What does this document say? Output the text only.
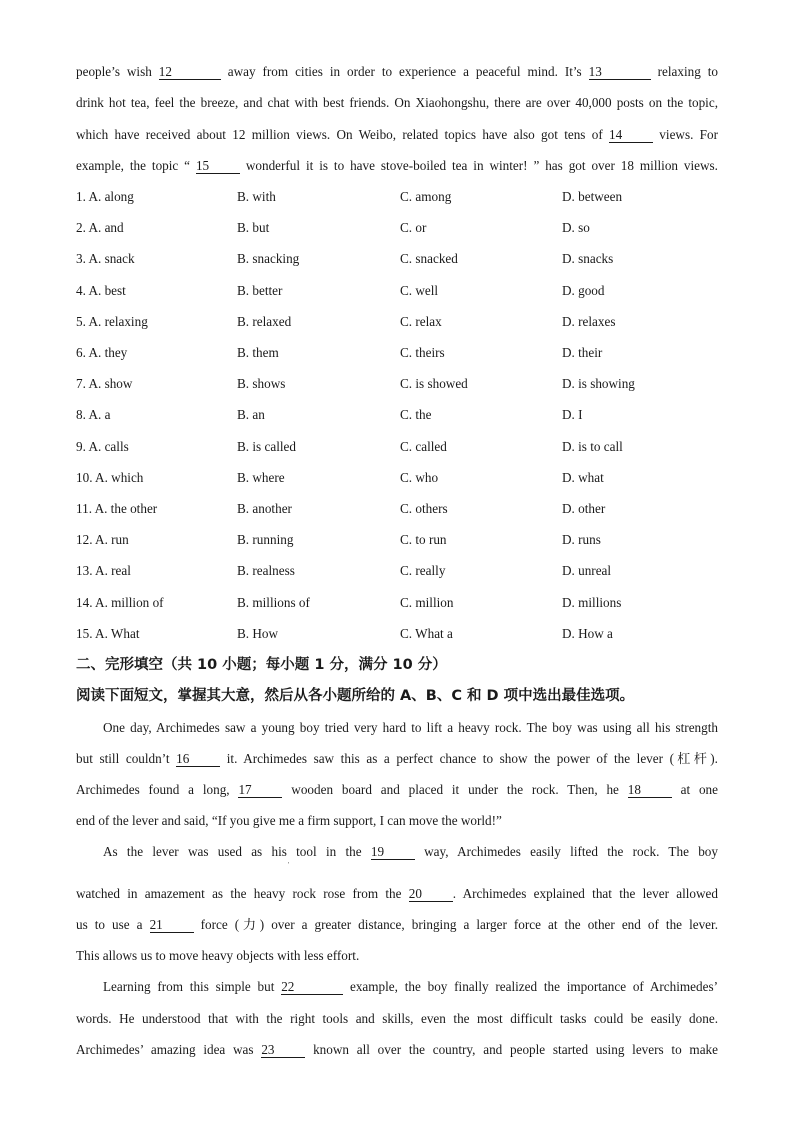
people’s wish 12	away from cities in order to experience a peaceful mind. It’s 13	relaxing to
drink hot tea, feel the breeze, and chat with best friends. On Xiaohongshu, there are over 40,000 posts on the topic,
which have received about 12 million views. On Weibo, related topics have also got tens of 14 views. For
example, the topic “ 15 wonderful it is to have stove-boiled tea in winter! ” has got over 18 million views.
1. A. along	B. with	C. among	D. between
2. A. and	B. but	C. or	D. so
3. A. snack	B. snacking	C. snacked	D. snacks
4. A. best	B. better	C. well	D. good
5. A. relaxing	B. relaxed	C. relax	D. relaxes
6. A. they	B. them	C. theirs	D. their
7. A. show	B. shows	C. is showed	D. is showing
8. A. a	B. an	C. the	D. I
9. A. calls	B. is called	C. called	D. is to call
10. A. which	B. where	C. who	D. what
11. A. the other	B. another	C. others	D. other
12. A. run	B. running	C. to run	D. runs
13. A. real	B. realness	C. really	D. unreal
14. A. million of	B. millions of	C. million	D. millions
15. A. What	B. How	C. What a	D. How a
二、完形填空（共 10 小题；每小题 1 分，满分 10 分）
阅读下面短文，掌握其大意，然后从各小题所给的 A、B、C 和 D 项中选出最佳选项。
One day, Archimedes saw a young boy tried very hard to lift a heavy rock. The boy was using all his strength
but still couldn’t 16 it. Archimedes saw this as a perfect chance to show the power of the lever (杠杆).
Archimedes found a long, 17 wooden board and placed it under the rock. Then, he 18 at one
end of the lever and said, “If you give me a firm support, I can move the world!”
As the lever was used as his tool in the 19 way, Archimedes easily lifted the rock. The boy
'
watched in amazement as the heavy rock rose from the 20 . Archimedes explained that the lever allowed
us to use a 21 force (力) over a greater distance, bringing a larger force at the other end of the lever.
This allows us to move heavy objects with less effort.
Learning from this simple but 22	example, the boy finally realized the importance of Archimedes’
words. He understood that with the right tools and skills, even the most difficult tasks could be easily done.
Archimedes’ amazing idea was 23 known all over the country, and people started using levers to make
